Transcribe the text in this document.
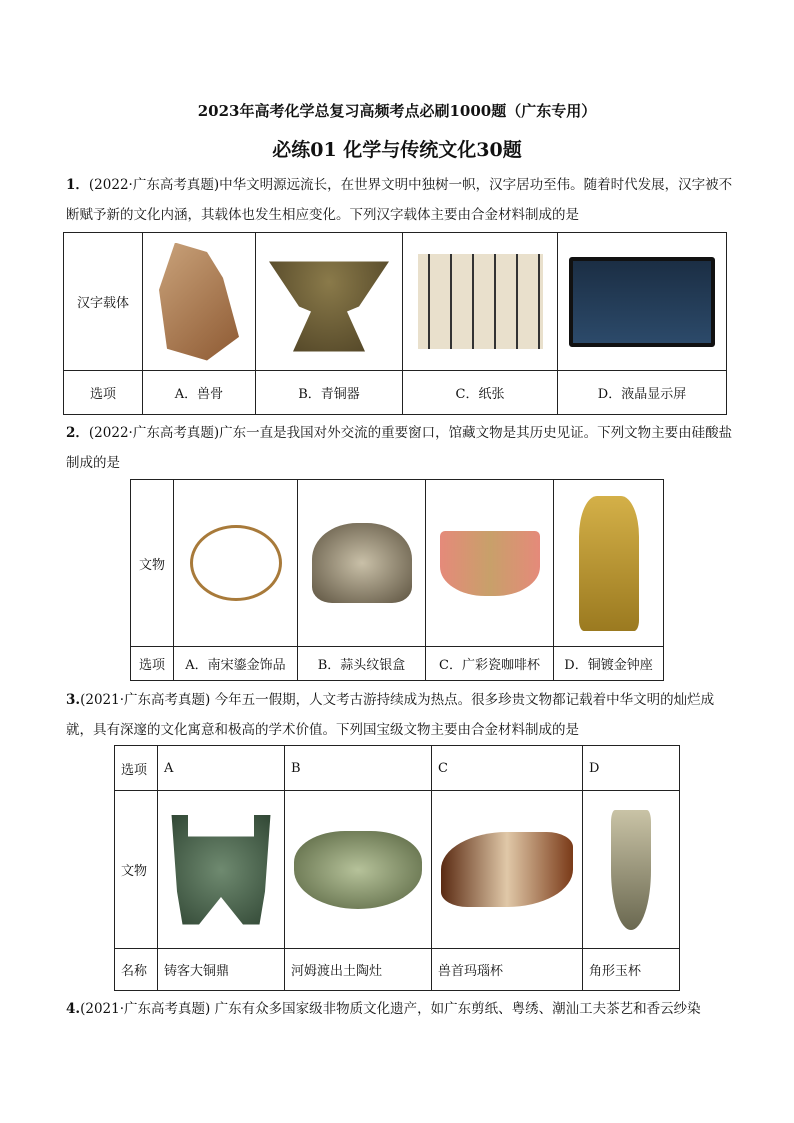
2023年高考化学总复习高频考点必刷1000题（广东专用）
必练01 化学与传统文化30题
1．(2022·广东高考真题)中华文明源远流长，在世界文明中独树一帜，汉字居功至伟。随着时代发展，汉字被不断赋予新的文化内涵，其载体也发生相应变化。下列汉字载体主要由合金材料制成的是
汉字载体	

选项	A．兽骨	B．青铜器	C．纸张	D．液晶显示屏
2．(2022·广东高考真题)广东一直是我国对外交流的重要窗口，馆藏文物是其历史见证。下列文物主要由硅酸盐制成的是
文物	

选项	A．南宋鎏金饰品	B．蒜头纹银盒	C．广彩瓷咖啡杯	D．铜镀金钟座
3.(2021·广东高考真题) 今年五一假期，人文考古游持续成为热点。很多珍贵文物都记载着中华文明的灿烂成就，具有深邃的文化寓意和极高的学术价值。下列国宝级文物主要由合金材料制成的是
选项	A	B	C	D
文物	

名称	铸客大铜鼎	河姆渡出土陶灶	兽首玛瑙杯	角形玉杯
4.(2021·广东高考真题) 广东有众多国家级非物质文化遗产，如广东剪纸、粤绣、潮汕工夫茶艺和香云纱染
